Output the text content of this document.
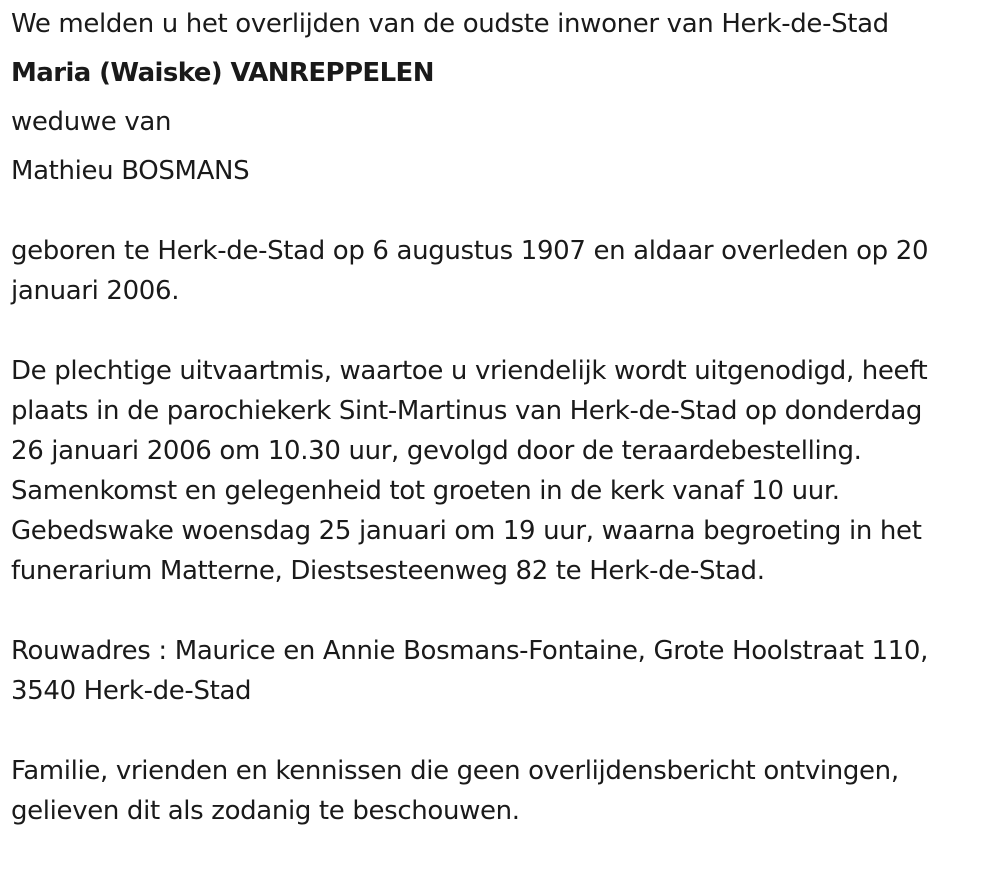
We melden u het overlijden van de oudste inwoner van Herk-de-Stad

Maria (Waiske) VANREPPELEN

weduwe van

Mathieu BOSMANS

geboren te Herk-de-Stad op 6 augustus 1907 en aldaar overleden op 20 januari 2006.

De plechtige uitvaartmis, waartoe u vriendelijk wordt uitgenodigd, heeft

plaats in de parochiekerk Sint-Martinus van Herk-de-Stad op donderdag

26 januari 2006 om 10.30 uur, gevolgd door de teraardebestelling.

Samenkomst en gelegenheid tot groeten in de kerk vanaf 10 uur.

Gebedswake woensdag 25 januari om 19 uur, waarna begroeting in het

funerarium Matterne, Diestsesteenweg 82 te Herk-de-Stad.

Rouwadres : Maurice en Annie Bosmans-Fontaine, Grote Hoolstraat 110, 3540 Herk-de-Stad

Familie, vrienden en kennissen die geen overlijdensbericht ontvingen, gelieven dit als zodanig te beschouwen.
